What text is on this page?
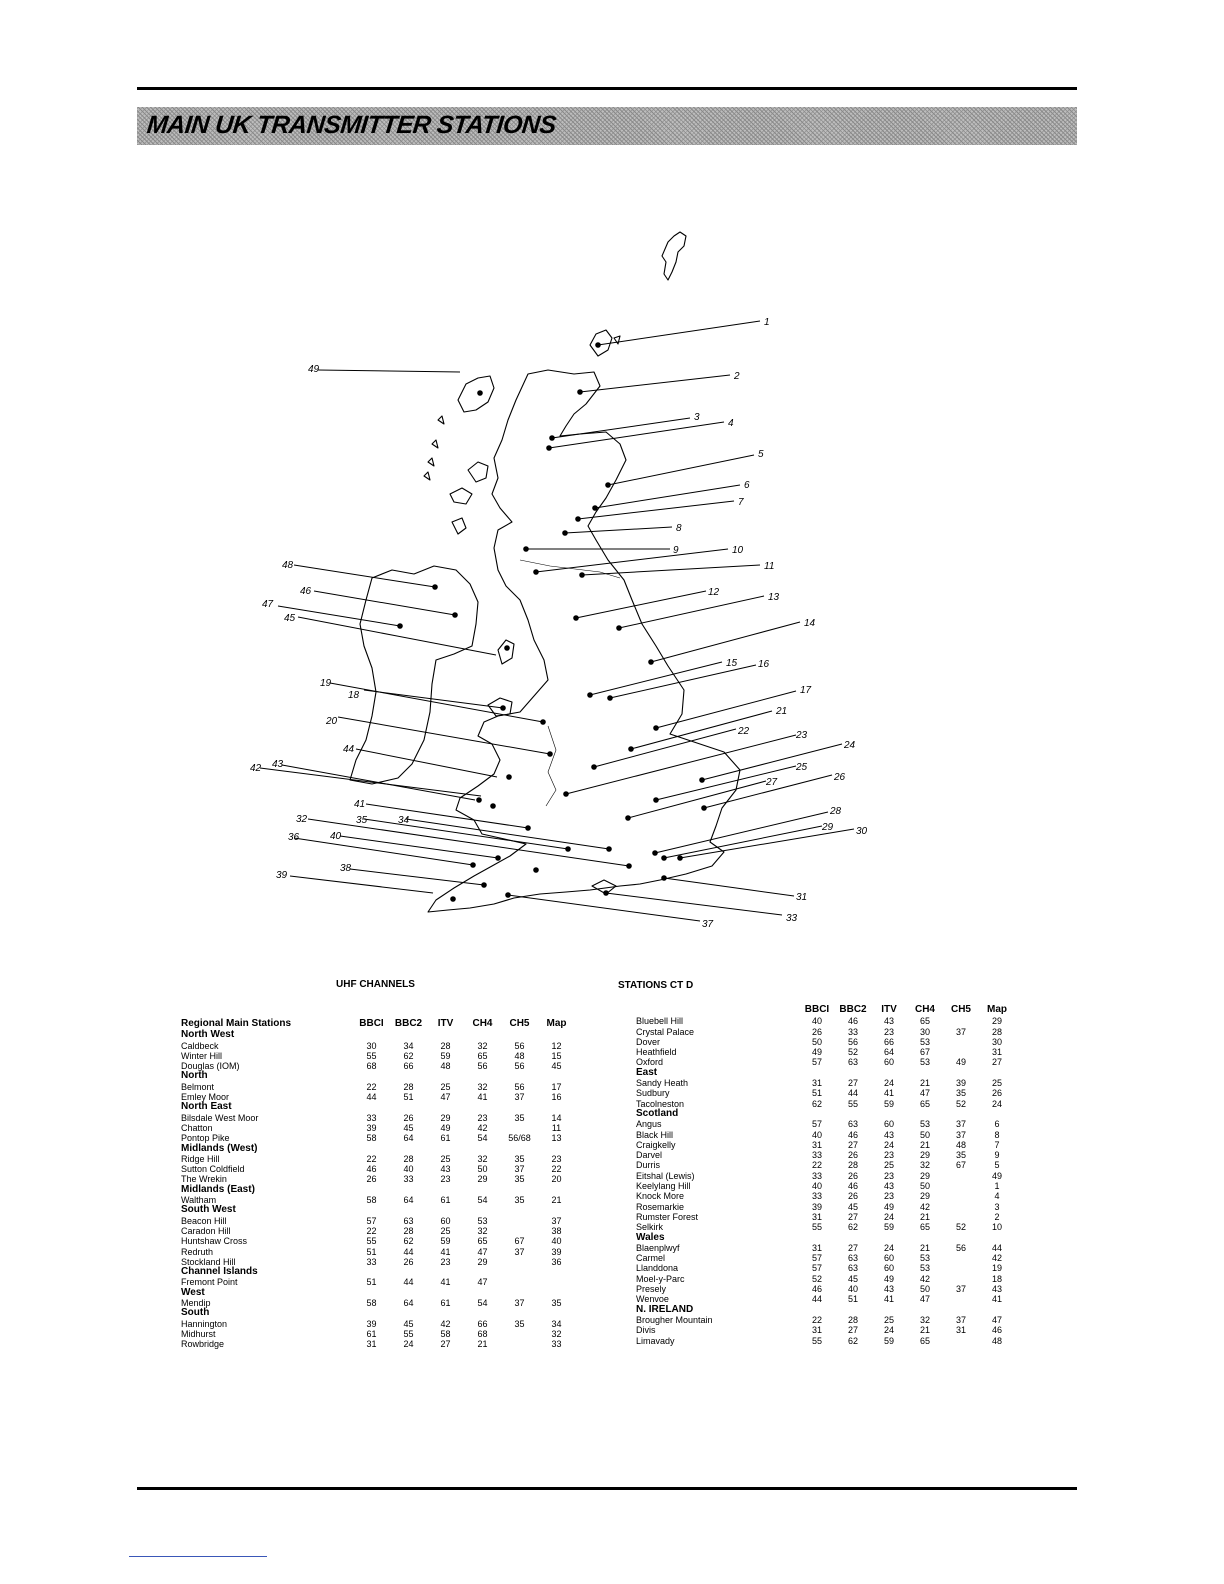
MAIN UK TRANSMITTER STATIONS
1
2
3
4
5
6
7
8
9	10
11
12	13
14
15 16
17
18
19
20
21
22	23
24
25
26
27
28
29 30
31
32
33
34
35
36
37
38
39
40
41
42 43
44
45
46
47
48
49
UHF CHANNELS	STATIONS CT D
Regional Main Stations	BBCI	BBC2	ITV	CH4	CH5	Map
North West						
Caldbeck	30	34	28	32	56	12
Winter Hill	55	62	59	65	48	15
Douglas (IOM)	68	66	48	56	56	45
North						
Belmont	22	28	25	32	56	17
Emley Moor	44	51	47	41	37	16
North East						
Bilsdale West Moor	33	26	29	23	35	14
Chatton	39	45	49	42		11
Pontop Pike	58	64	61	54	56/68	13
Midlands (West)						
Ridge Hill	22	28	25	32	35	23
Sutton Coldfield	46	40	43	50	37	22
The Wrekin	26	33	23	29	35	20
Midlands (East)						
Waltham	58	64	61	54	35	21
South West						
Beacon Hill	57	63	60	53		37
Caradon Hill	22	28	25	32		38
Huntshaw Cross	55	62	59	65	67	40
Redruth	51	44	41	47	37	39
Stockland Hill	33	26	23	29		36
Channel Islands						
Fremont Point	51	44	41	47		
West						
Mendip	58	64	61	54	37	35
South						
Hannington	39	45	42	66	35	34
Midhurst	61	55	58	68		32
Rowbridge	31	24	27	21		33
	BBCI	BBC2	ITV	CH4	CH5	Map
Bluebell Hill	40	46	43	65		29
Crystal Palace	26	33	23	30	37	28
Dover	50	56	66	53		30
Heathfield	49	52	64	67		31
Oxford	57	63	60	53	49	27
East						
Sandy Heath	31	27	24	21	39	25
Sudbury	51	44	41	47	35	26
Tacolneston	62	55	59	65	52	24
Scotland						
Angus	57	63	60	53	37	6
Black Hill	40	46	43	50	37	8
Craigkelly	31	27	24	21	48	7
Darvel	33	26	23	29	35	9
Durris	22	28	25	32	67	5
Eitshal (Lewis)	33	26	23	29		49
Keelylang Hill	40	46	43	50		1
Knock More	33	26	23	29		4
Rosemarkie	39	45	49	42		3
Rumster Forest	31	27	24	21		2
Selkirk	55	62	59	65	52	10
Wales						
Blaenplwyf	31	27	24	21	56	44
Carmel	57	63	60	53		42
Llanddona	57	63	60	53		19
Moel-y-Parc	52	45	49	42		18
Presely	46	40	43	50	37	43
Wenvoe	44	51	41	47		41
N. IRELAND						
Brougher Mountain	22	28	25	32	37	47
Divis	31	27	24	21	31	46
Limavady	55	62	59	65		48
